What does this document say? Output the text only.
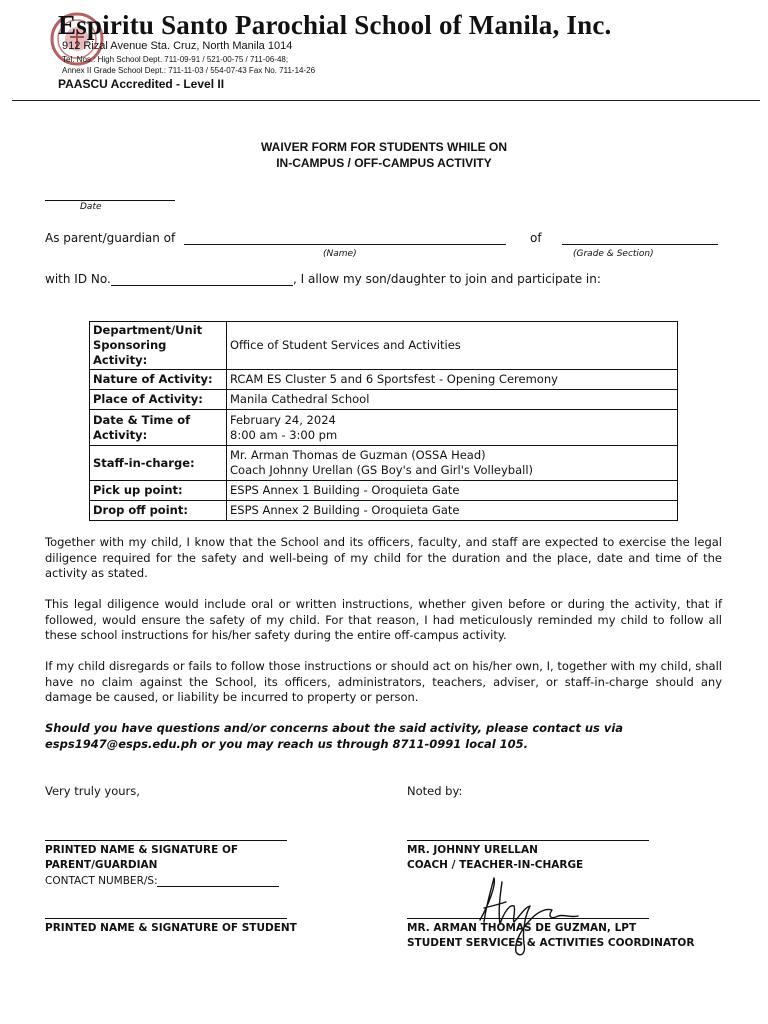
Espiritu Santo Parochial School of Manila, Inc.
912 Rizal Avenue Sta. Cruz, North Manila 1014
Tel. Nos.: High School Dept. 711-09-91 / 521-00-75 / 711-06-48;
Annex II Grade School Dept.: 711-11-03 / 554-07-43 Fax No. 711-14-26
PAASCU Accredited - Level II
WAIVER FORM FOR STUDENTS WHILE ON
IN-CAMPUS / OFF-CAMPUS ACTIVITY
Date
As parent/guardian of
(Name)
of
(Grade & Section)
with ID No.	, I allow my son/daughter to join and participate in:
Department/Unit Sponsoring Activity:	Office of Student Services and Activities

Nature of Activity:	RCAM ES Cluster 5 and 6 Sportsfest - Opening Ceremony

Place of Activity:	Manila Cathedral School

Date & Time of Activity:	February 24, 2024
8:00 am - 3:00 pm

Staff-in-charge:	Mr. Arman Thomas de Guzman (OSSA Head)
Coach Johnny Urellan (GS Boy's and Girl's Volleyball)

Pick up point:	ESPS Annex 1 Building - Oroquieta Gate

Drop off point:	ESPS Annex 2 Building - Oroquieta Gate
Together with my child, I know that the School and its officers, faculty, and staff are expected to exercise the legal diligence required for the safety and well-being of my child for the duration and the place, date and time of the activity as stated.
This legal diligence would include oral or written instructions, whether given before or during the activity, that if followed, would ensure the safety of my child. For that reason, I had meticulously reminded my child to follow all these school instructions for his/her safety during the entire off-campus activity.
If my child disregards or fails to follow those instructions or should act on his/her own, I, together with my child, shall have no claim against the School, its officers, administrators, teachers, adviser, or staff-in-charge should any damage be caused, or liability be incurred to property or person.
Should you have questions and/or concerns about the said activity, please contact us via esps1947@esps.edu.ph or you may reach us through 8711-0991 local 105.
Very truly yours,	Noted by:
PRINTED NAME & SIGNATURE OF
PARENT/GUARDIAN
CONTACT NUMBER/S:
PRINTED NAME & SIGNATURE OF STUDENT
MR. JOHNNY URELLAN
COACH / TEACHER-IN-CHARGE
MR. ARMAN THOMAS DE GUZMAN, LPT
STUDENT SERVICES & ACTIVITIES COORDINATOR
